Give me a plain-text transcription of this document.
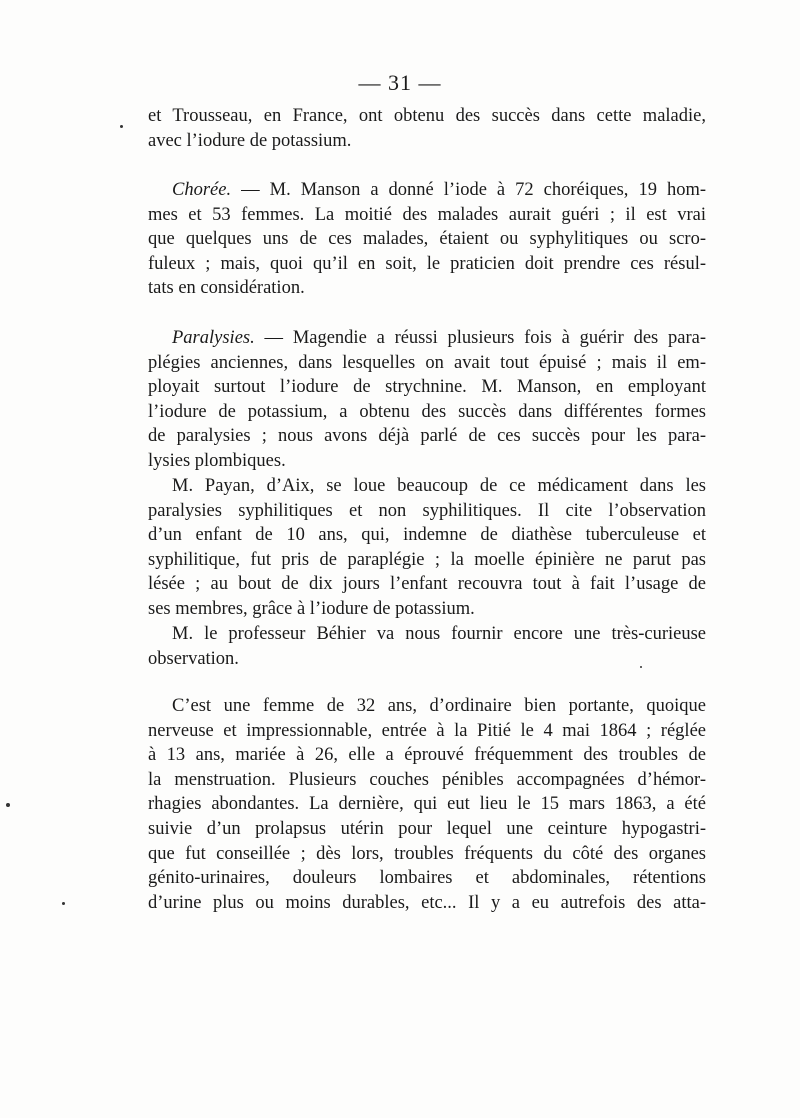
— 31 —
et Trousseau, en France, ont obtenu des succès dans cette maladie,
avec l’iodure de potassium.
Chorée. — M. Manson a donné l’iode à 72 choréiques, 19 hom-
mes et 53 femmes. La moitié des malades aurait guéri ; il est vrai
que quelques uns de ces malades, étaient ou syphylitiques ou scro-
fuleux ; mais, quoi qu’il en soit, le praticien doit prendre ces résul-
tats en considération.
Paralysies. — Magendie a réussi plusieurs fois à guérir des para-
plégies anciennes, dans lesquelles on avait tout épuisé ; mais il em-
ployait surtout l’iodure de strychnine. M. Manson, en employant
l’iodure de potassium, a obtenu des succès dans différentes formes
de paralysies ; nous avons déjà parlé de ces succès pour les para-
lysies plombiques.
M. Payan, d’Aix, se loue beaucoup de ce médicament dans les
paralysies syphilitiques et non syphilitiques. Il cite l’observation
d’un enfant de 10 ans, qui, indemne de diathèse tuberculeuse et
syphilitique, fut pris de paraplégie ; la moelle épinière ne parut pas
lésée ; au bout de dix jours l’enfant recouvra tout à fait l’usage de
ses membres, grâce à l’iodure de potassium.
M. le professeur Béhier va nous fournir encore une très-curieuse
observation.
C’est une femme de 32 ans, d’ordinaire bien portante, quoique
nerveuse et impressionnable, entrée à la Pitié le 4 mai 1864 ; réglée
à 13 ans, mariée à 26, elle a éprouvé fréquemment des troubles de
la menstruation. Plusieurs couches pénibles accompagnées d’hémor-
rhagies abondantes. La dernière, qui eut lieu le 15 mars 1863, a été
suivie d’un prolapsus utérin pour lequel une ceinture hypogastri-
que fut conseillée ; dès lors, troubles fréquents du côté des organes
génito-urinaires, douleurs lombaires et abdominales, rétentions
d’urine plus ou moins durables, etc... Il y a eu autrefois des atta-
